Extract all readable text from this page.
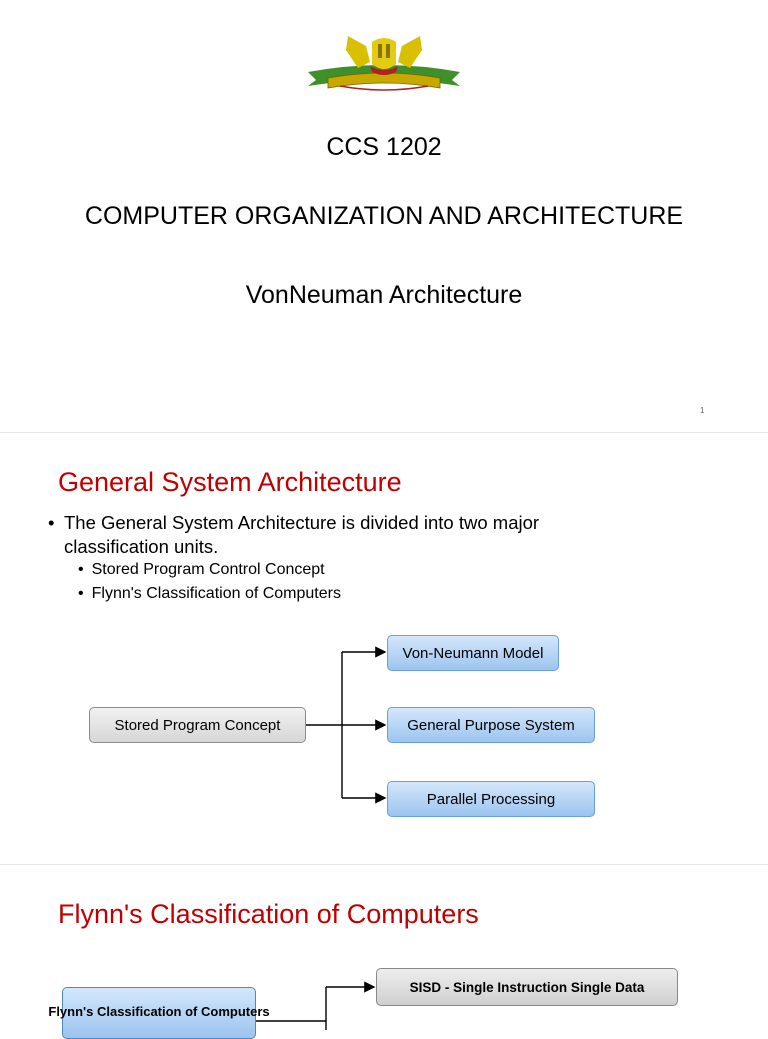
CCS 1202
COMPUTER ORGANIZATION AND ARCHITECTURE
VonNeuman Architecture
1
General System Architecture
• The General System Architecture is divided into two major classification units.
• Stored Program Control Concept
• Flynn's Classification of Computers
Stored Program Concept
Von-Neumann Model
General Purpose System
Parallel Processing
Flynn's Classification of Computers
SISD - Single Instruction Single Data
Flynn's Classification of Computers
